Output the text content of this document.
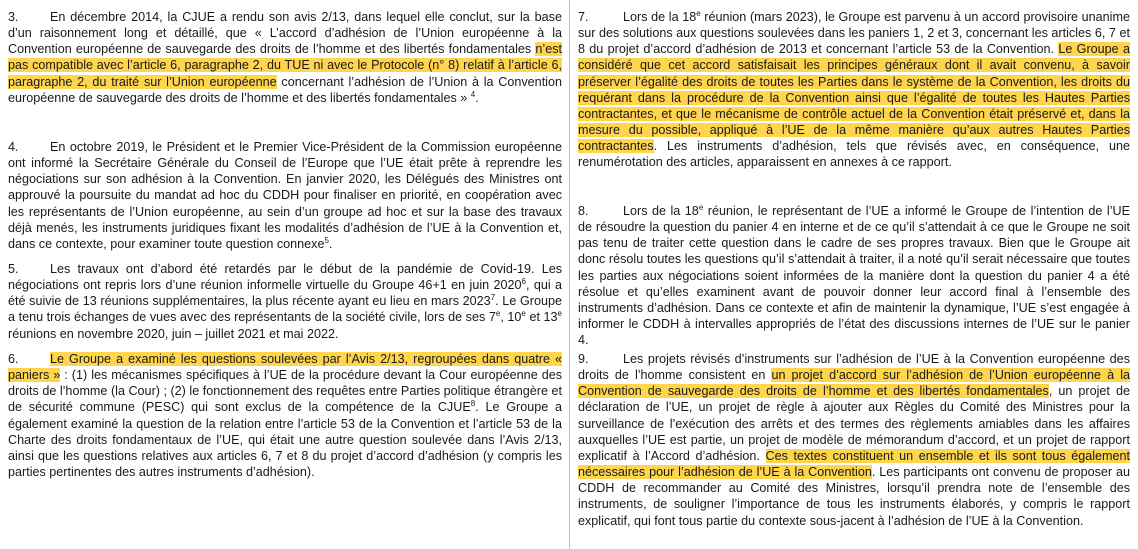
3. En décembre 2014, la CJUE a rendu son avis 2/13, dans lequel elle conclut, sur la base d’un raisonnement long et détaillé, que « L’accord d’adhésion de l’Union européenne à la Convention européenne de sauvegarde des droits de l’homme et des libertés fondamentales n’est pas compatible avec l’article 6, paragraphe 2, du TUE ni avec le Protocole (n° 8) relatif à l’article 6, paragraphe 2, du traité sur l’Union européenne concernant l’adhésion de l’Union à la Convention européenne de sauvegarde des droits de l’homme et des libertés fondamentales » $^4$.

4. En octobre 2019, le Président et le Premier Vice-Président de la Commission européenne ont informé la Secrétaire Générale du Conseil de l’Europe que l’UE était prête à reprendre les négociations sur son adhésion à la Convention. En janvier 2020, les Délégués des Ministres ont approuvé la poursuite du mandat ad hoc du CDDH pour finaliser en priorité, en coopération avec les représentants de l’Union européenne, au sein d’un groupe ad hoc et sur la base des travaux déjà menés, les instruments juridiques fixant les modalités d’adhésion de l’UE à la Convention et, dans ce contexte, pour examiner toute question connexe$^5$.

5. Les travaux ont d’abord été retardés par le début de la pandémie de Covid-19. Les négociations ont repris lors d’une réunion informelle virtuelle du Groupe 46+1 en juin 2020$^6$, qui a été suivie de 13 réunions supplémentaires, la plus récente ayant eu lieu en mars 2023$^7$. Le Groupe a tenu trois échanges de vues avec des représentants de la société civile, lors de ses 7e, 10e et 13e réunions en novembre 2020, juin – juillet 2021 et mai 2022.

6. Le Groupe a examiné les questions soulevées par l’Avis 2/13, regroupées dans quatre « paniers » : (1) les mécanismes spécifiques à l’UE de la procédure devant la Cour européenne des droits de l’homme (la Cour) ; (2) le fonctionnement des requêtes entre Parties politique étrangère et de sécurité commune (PESC) qui sont exclus de la compétence de la CJUE$^8$. Le Groupe a également examiné la question de la relation entre l’article 53 de la Convention et l’article 53 de la Charte des droits fondamentaux de l’UE, qui était une autre question soulevée dans l’Avis 2/13, ainsi que les questions relatives aux articles 6, 7 et 8 du projet d’accord d’adhésion (y compris les parties pertinentes des autres instruments d’adhésion).

7.	Lors de la 18e réunion (mars 2023), le Groupe est parvenu à un accord provisoire unanime sur des solutions aux questions soulevées dans les paniers 1, 2 et 3, concernant les articles 6, 7 et 8 du projet d’accord d’adhésion de 2013 et concernant l’article 53 de la Convention. Le Groupe a considéré que cet accord satisfaisait les principes généraux dont il avait convenu, à savoir préserver l’égalité des droits de toutes les Parties dans le système de la Convention, les droits du requérant dans la procédure de la Convention ainsi que l’égalité de toutes les Hautes Parties contractantes, et que le mécanisme de contrôle actuel de la Convention était préservé et, dans la mesure du possible, appliqué à l’UE de la même manière qu’aux autres Hautes Parties contractantes. Les instruments d’adhésion, tels que révisés avec, en conséquence, une renumérotation des articles, apparaissent en annexes à ce rapport.

8.	Lors de la 18e réunion, le représentant de l’UE a informé le Groupe de l’intention de l’UE de résoudre la question du panier 4 en interne et de ce qu’il s’attendait à ce que le Groupe ne soit pas tenu de traiter cette question dans le cadre de ses propres travaux. Bien que le Groupe ait donc résolu toutes les questions qu’il s’attendait à traiter, il a noté qu’il serait nécessaire que toutes les parties aux négociations soient informées de la manière dont la question du panier 4 a été résolue et qu’elles examinent avant de pouvoir donner leur accord final à l’ensemble des instruments d’adhésion. Dans ce contexte et afin de maintenir la dynamique, l’UE s’est engagée à informer le CDDH à intervalles appropriés de l’état des discussions internes de l’UE sur le panier 4.

9.	Les projets révisés d’instruments sur l’adhésion de l’UE à la Convention européenne des droits de l’homme consistent en un projet d’accord sur l’adhésion de l’Union européenne à la Convention de sauvegarde des droits de l’homme et des libertés fondamentales, un projet de déclaration de l’UE, un projet de règle à ajouter aux Règles du Comité des Ministres pour la surveillance de l’exécution des arrêts et des termes des règlements amiables dans les affaires auxquelles l’UE est partie, un projet de modèle de mémorandum d’accord, et un projet de rapport explicatif à l’Accord d’adhésion. Ces textes constituent un ensemble et ils sont tous également nécessaires pour l’adhésion de l’UE à la Convention. Les participants ont convenu de proposer au CDDH de recommander au Comité des Ministres, lorsqu’il prendra note de l’ensemble des instruments, de souligner l’importance de tous les instruments élaborés, y compris le rapport explicatif, qui font tous partie du contexte sous-jacent à l’adhésion de l’UE à la Convention.
